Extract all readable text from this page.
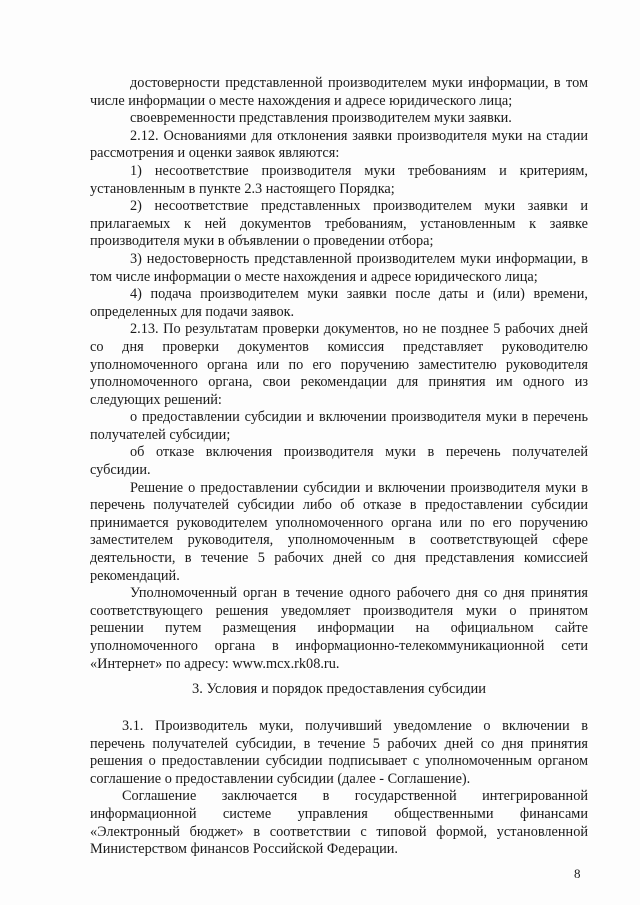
достоверности представленной производителем муки информации, в том числе информации о месте нахождения и адресе юридического лица;

своевременности представления производителем муки заявки.

2.12. Основаниями для отклонения заявки производителя муки на стадии рассмотрения и оценки заявок являются:

1) несоответствие производителя муки требованиям и критериям, установленным в пункте 2.3 настоящего Порядка;

2) несоответствие представленных производителем муки заявки и прилагаемых к ней документов требованиям, установленным к заявке производителя муки в объявлении о проведении отбора;

3) недостоверность представленной производителем муки информации, в том числе информации о месте нахождения и адресе юридического лица;

4) подача производителем муки заявки после даты и (или) времени, определенных для подачи заявок.

2.13. По результатам проверки документов, но не позднее 5 рабочих дней со дня проверки документов комиссия представляет руководителю уполномоченного органа или по его поручению заместителю руководителя уполномоченного органа, свои рекомендации для принятия им одного из следующих решений:

о предоставлении субсидии и включении производителя муки в перечень получателей субсидии;

об отказе включения производителя муки в перечень получателей субсидии.

Решение о предоставлении субсидии и включении производителя муки в перечень получателей субсидии либо об отказе в предоставлении субсидии принимается руководителем уполномоченного органа или по его поручению заместителем руководителя, уполномоченным в соответствующей сфере деятельности, в течение 5 рабочих дней со дня представления комиссией рекомендаций.

Уполномоченный орган в течение одного рабочего дня со дня принятия соответствующего решения уведомляет производителя муки о принятом решении путем размещения информации на официальном сайте уполномоченного органа в информационно-телекоммуникационной сети «Интернет» по адресу: www.mcx.rk08.ru.

3. Условия и порядок предоставления субсидии

3.1. Производитель муки, получивший уведомление о включении в перечень получателей субсидии, в течение 5 рабочих дней со дня принятия решения о предоставлении субсидии подписывает с уполномоченным органом соглашение о предоставлении субсидии (далее - Соглашение).

Соглашение заключается в государственной интегрированной информационной системе управления общественными финансами «Электронный бюджет» в соответствии с типовой формой, установленной Министерством финансов Российской Федерации.

8
